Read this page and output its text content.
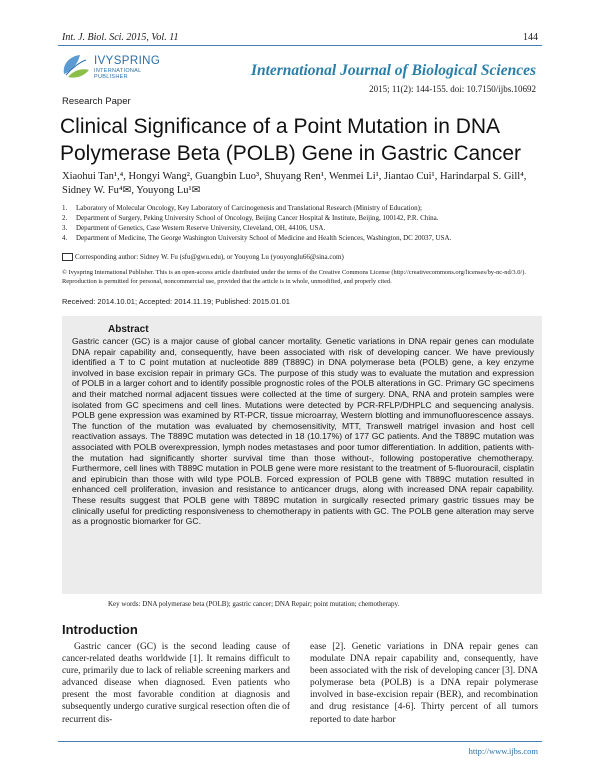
Int. J. Biol. Sci. 2015, Vol. 11	144
IVYSPRING
INTERNATIONAL PUBLISHER	International Journal of Biological Sciences
2015; 11(2): 144-155. doi: 10.7150/ijbs.10692
Research Paper
Clinical Significance of a Point Mutation in DNA Polymerase Beta (POLB) Gene in Gastric Cancer
Xiaohui Tan¹,⁴, Hongyi Wang², Guangbin Luo³, Shuyang Ren¹, Wenmei Li¹, Jiantao Cui¹, Harindarpal S. Gill⁴, Sidney W. Fu⁴✉, Youyong Lu¹✉
1.	Laboratory of Molecular Oncology, Key Laboratory of Carcinogenesis and Translational Research (Ministry of Education);
2.	Department of Surgery, Peking University School of Oncology, Beijing Cancer Hospital & Institute, Beijing, 100142, P.R. China.
3.	Department of Genetics, Case Western Reserve University, Cleveland, OH, 44106, USA.
4.	Department of Medicine, The George Washington University School of Medicine and Health Sciences, Washington, DC 20037, USA.
Corresponding author: Sidney W. Fu (sfu@gwu.edu), or Youyong Lu (youyonglu66@sina.com)
© Ivyspring International Publisher. This is an open-access article distributed under the terms of the Creative Commons License (http://creativecommons.org/licenses/by-nc-nd/3.0/). Reproduction is permitted for personal, noncommercial use, provided that the article is in whole, unmodified, and properly cited.
Received: 2014.10.01; Accepted: 2014.11.19; Published: 2015.01.01
Abstract
Gastric cancer (GC) is a major cause of global cancer mortality. Genetic variations in DNA repair genes can modulate DNA repair capability and, consequently, have been associated with risk of developing cancer. We have previously identified a T to C point mutation at nucleotide 889 (T889C) in DNA polymerase beta (POLB) gene, a key enzyme involved in base excision repair in primary GCs. The purpose of this study was to evaluate the mutation and expression of POLB in a larger cohort and to identify possible prognostic roles of the POLB alterations in GC. Primary GC specimens and their matched normal adjacent tissues were collected at the time of surgery. DNA, RNA and protein samples were isolated from GC specimens and cell lines. Mutations were detected by PCR-RFLP/DHPLC and sequencing analysis. POLB gene expression was examined by RT-PCR, tissue microarray, Western blotting and immunofluorescence assays. The function of the mutation was evaluated by chemosensitivity, MTT, Transwell matrigel invasion and host cell reactivation assays. The T889C mutation was detected in 18 (10.17%) of 177 GC patients. And the T889C mutation was associated with POLB overexpression, lymph nodes metastases and poor tumor differentiation. In addition, patients with- the mutation had significantly shorter survival time than those without-, following postoperative chemotherapy. Furthermore, cell lines with T889C mutation in POLB gene were more resistant to the treatment of 5-fluorouracil, cisplatin and epirubicin than those with wild type POLB. Forced expression of POLB gene with T889C mutation resulted in enhanced cell proliferation, invasion and resistance to anticancer drugs, along with increased DNA repair capability. These results suggest that POLB gene with T889C mutation in surgically resected primary gastric tissues may be clinically useful for predicting responsiveness to chemotherapy in patients with GC. The POLB gene alteration may serve as a prognostic biomarker for GC.
Key words: DNA polymerase beta (POLB); gastric cancer; DNA Repair; point mutation; chemotherapy.
Introduction

Gastric cancer (GC) is the second leading cause of cancer-related deaths worldwide [1]. It remains difficult to cure, primarily due to lack of reliable screening markers and advanced disease when diagnosed. Even patients who present the most favorable condition at diagnosis and subsequently undergo curative surgical resection often die of recurrent dis-

ease [2]. Genetic variations in DNA repair genes can modulate DNA repair capability and, consequently, have been associated with the risk of developing cancer [3]. DNA polymerase beta (POLB) is a DNA repair polymerase involved in base-excision repair (BER), and recombination and drug resistance [4-6]. Thirty percent of all tumors reported to date harbor

http://www.ijbs.com
